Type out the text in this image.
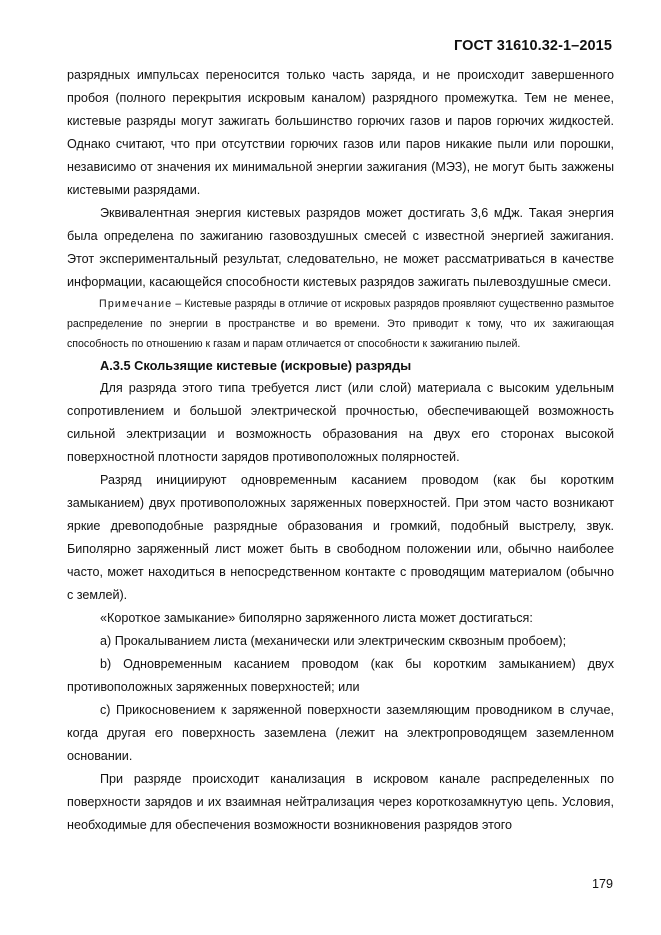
ГОСТ 31610.32-1–2015

разрядных импульсах переносится только часть заряда, и не происходит завершенного пробоя (полного перекрытия искровым каналом) разрядного промежутка. Тем не менее, кистевые разряды могут зажигать большинство горючих газов и паров горючих жидкостей. Однако считают, что при отсутствии горючих газов или паров никакие пыли или порошки, независимо от значения их минимальной энергии зажигания (МЭЗ), не могут быть зажжены кистевыми разрядами.

Эквивалентная энергия кистевых разрядов может достигать 3,6 мДж. Такая энергия была определена по зажиганию газовоздушных смесей с известной энергией зажигания. Этот экспериментальный результат, следовательно, не может рассматриваться в качестве информации, касающейся способности кистевых разрядов зажигать пылевоздушные смеси.

Примечание – Кистевые разряды в отличие от искровых разрядов проявляют существенно размытое распределение по энергии в пространстве и во времени. Это приводит к тому, что их зажигающая способность по отношению к газам и парам отличается от способности к зажиганию пылей.

А.3.5 Скользящие кистевые (искровые) разряды

Для разряда этого типа требуется лист (или слой) материала с высоким удельным сопротивлением и большой электрической прочностью, обеспечивающей возможность сильной электризации и возможность образования на двух его сторонах высокой поверхностной плотности зарядов противоположных полярностей.

Разряд инициируют одновременным касанием проводом (как бы коротким замыканием) двух противоположных заряженных поверхностей. При этом часто возникают яркие древоподобные разрядные образования и громкий, подобный выстрелу, звук. Биполярно заряженный лист может быть в свободном положении или, обычно наиболее часто, может находиться в непосредственном контакте с проводящим материалом (обычно с землей).

«Короткое замыкание» биполярно заряженного листа может достигаться:

a) Прокалыванием листа (механически или электрическим сквозным пробоем);

b) Одновременным касанием проводом (как бы коротким замыканием) двух противоположных заряженных поверхностей; или

c) Прикосновением к заряженной поверхности заземляющим проводником в случае, когда другая его поверхность заземлена (лежит на электропроводящем заземленном основании.

При разряде происходит канализация в искровом канале распределенных по поверхности зарядов и их взаимная нейтрализация через короткозамкнутую цепь. Условия, необходимые для обеспечения возможности возникновения разрядов этого

179
